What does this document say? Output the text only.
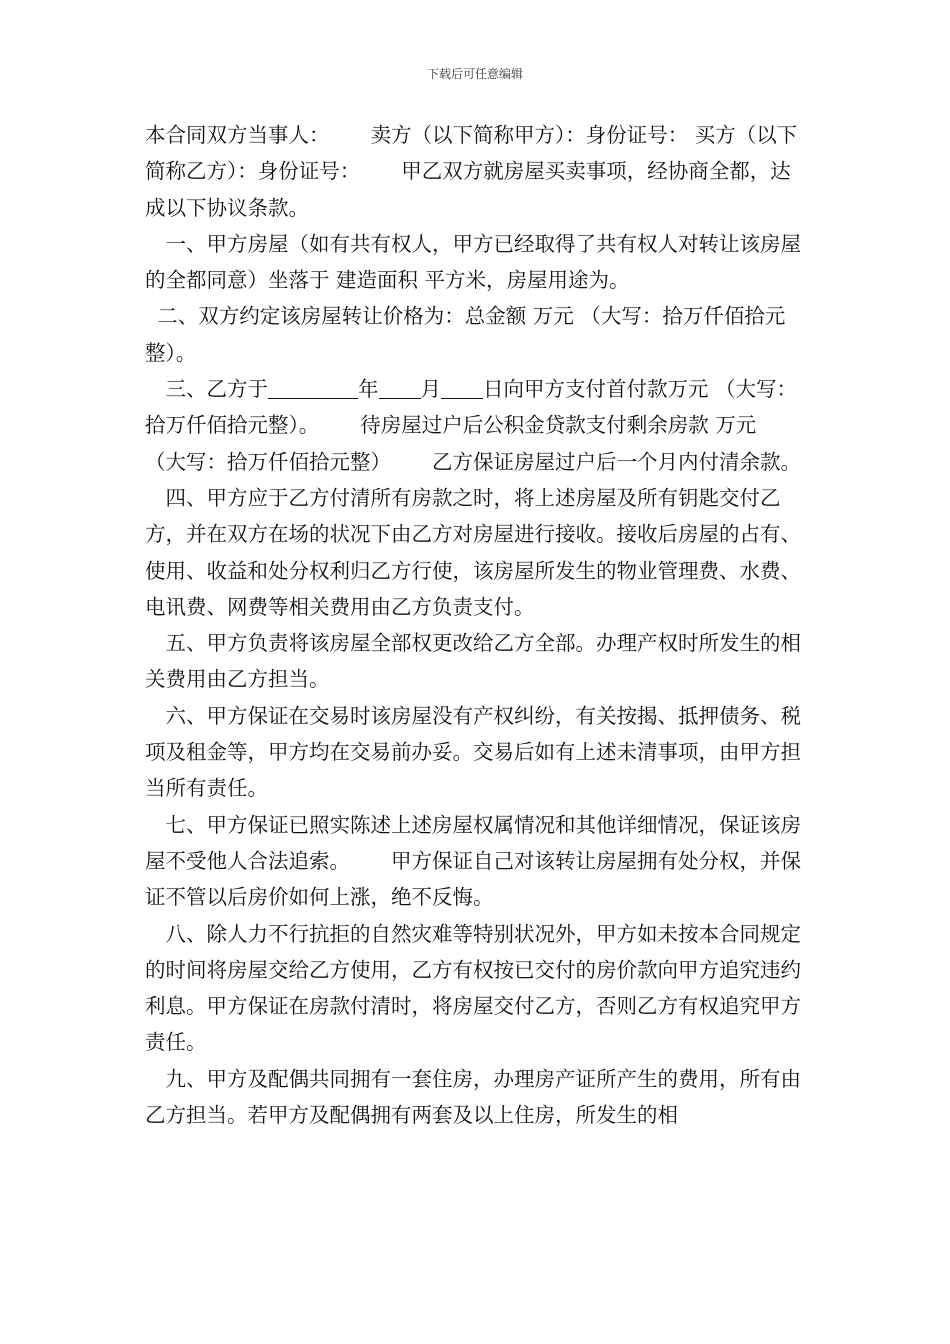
下载后可任意编辑

本合同双方当事人： 卖方（以下简称甲方）：身份证号： 买方（以下简称乙方）：身份证号： 甲乙双方就房屋买卖事项，经协商全都，达成以下协议条款。

一、甲方房屋（如有共有权人，甲方已经取得了共有权人对转让该房屋的全都同意）坐落于 建造面积 平方米，房屋用途为。

二、双方约定该房屋转让价格为：总金额 万元 （大写：拾万仟佰拾元整）。

三、乙方于	年 月 日向甲方支付首付款万元 （大写：拾万仟佰拾元整）。 待房屋过户后公积金贷款支付剩余房款 万元（大写：拾万仟佰拾元整） 乙方保证房屋过户后一个月内付清余款。

四、甲方应于乙方付清所有房款之时，将上述房屋及所有钥匙交付乙方，并在双方在场的状况下由乙方对房屋进行接收。接收后房屋的占有、使用、收益和处分权利归乙方行使，该房屋所发生的物业管理费、水费、电讯费、网费等相关费用由乙方负责支付。

五、甲方负责将该房屋全部权更改给乙方全部。办理产权时所发生的相关费用由乙方担当。

六、甲方保证在交易时该房屋没有产权纠纷，有关按揭、抵押债务、税项及租金等，甲方均在交易前办妥。交易后如有上述未清事项，由甲方担当所有责任。

七、甲方保证已照实陈述上述房屋权属情况和其他详细情况，保证该房屋不受他人合法追索。 甲方保证自己对该转让房屋拥有处分权，并保证不管以后房价如何上涨，绝不反悔。

八、除人力不行抗拒的自然灾难等特别状况外，甲方如未按本合同规定的时间将房屋交给乙方使用，乙方有权按已交付的房价款向甲方追究违约利息。甲方保证在房款付清时，将房屋交付乙方，否则乙方有权追究甲方责任。

九、甲方及配偶共同拥有一套住房，办理房产证所产生的费用，所有由乙方担当。若甲方及配偶拥有两套及以上住房，所发生的相
